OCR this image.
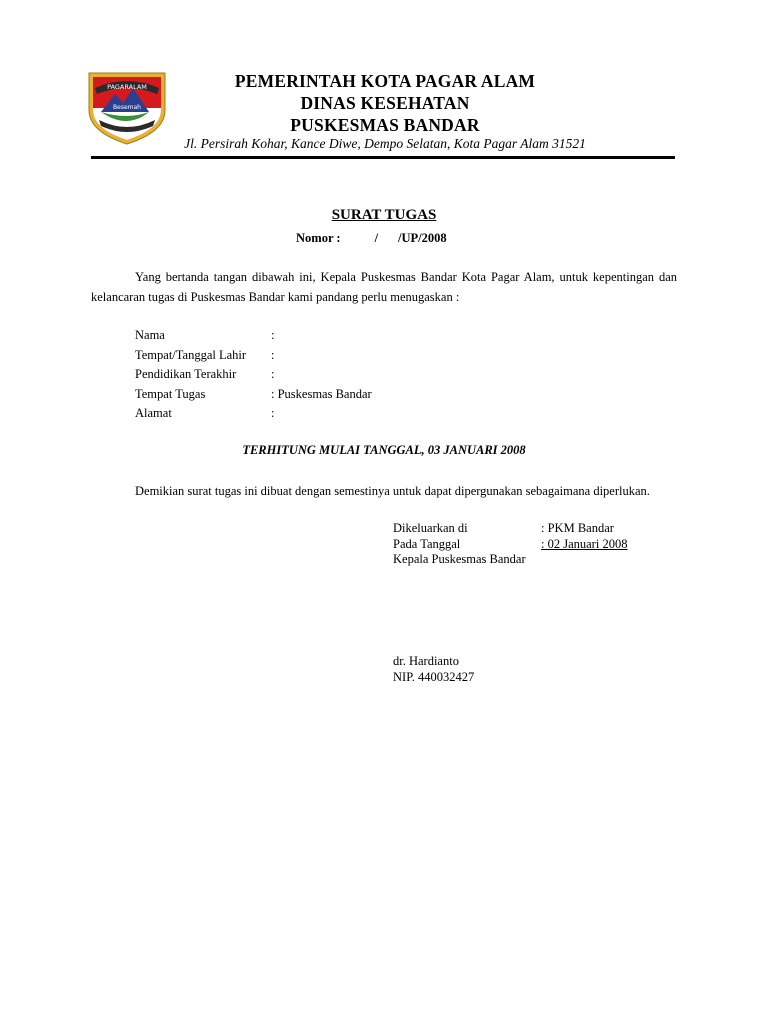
PAGARALAM
Besemah
PEMERINTAH KOTA PAGAR ALAM
DINAS KESEHATAN
PUSKESMAS BANDAR
Jl. Persirah Kohar, Kance Diwe, Dempo Selatan, Kota Pagar Alam 31521
SURAT TUGAS
Nomor :	/ /UP/2008
Yang bertanda tangan dibawah ini, Kepala Puskesmas Bandar Kota Pagar Alam, untuk kepentingan dan kelancaran tugas di Puskesmas Bandar kami pandang perlu menugaskan :
Nama	:
Tempat/Tanggal Lahir :
Pendidikan Terakhir	:
Tempat Tugas	: Puskesmas Bandar
Alamat	:
TERHITUNG MULAI TANGGAL, 03 JANUARI 2008
Demikian surat tugas ini dibuat dengan semestinya untuk dapat dipergunakan sebagaimana diperlukan.
Dikeluarkan di	: PKM Bandar
Pada Tanggal	: 02 Januari 2008
Kepala Puskesmas Bandar
dr. Hardianto
NIP. 440032427
